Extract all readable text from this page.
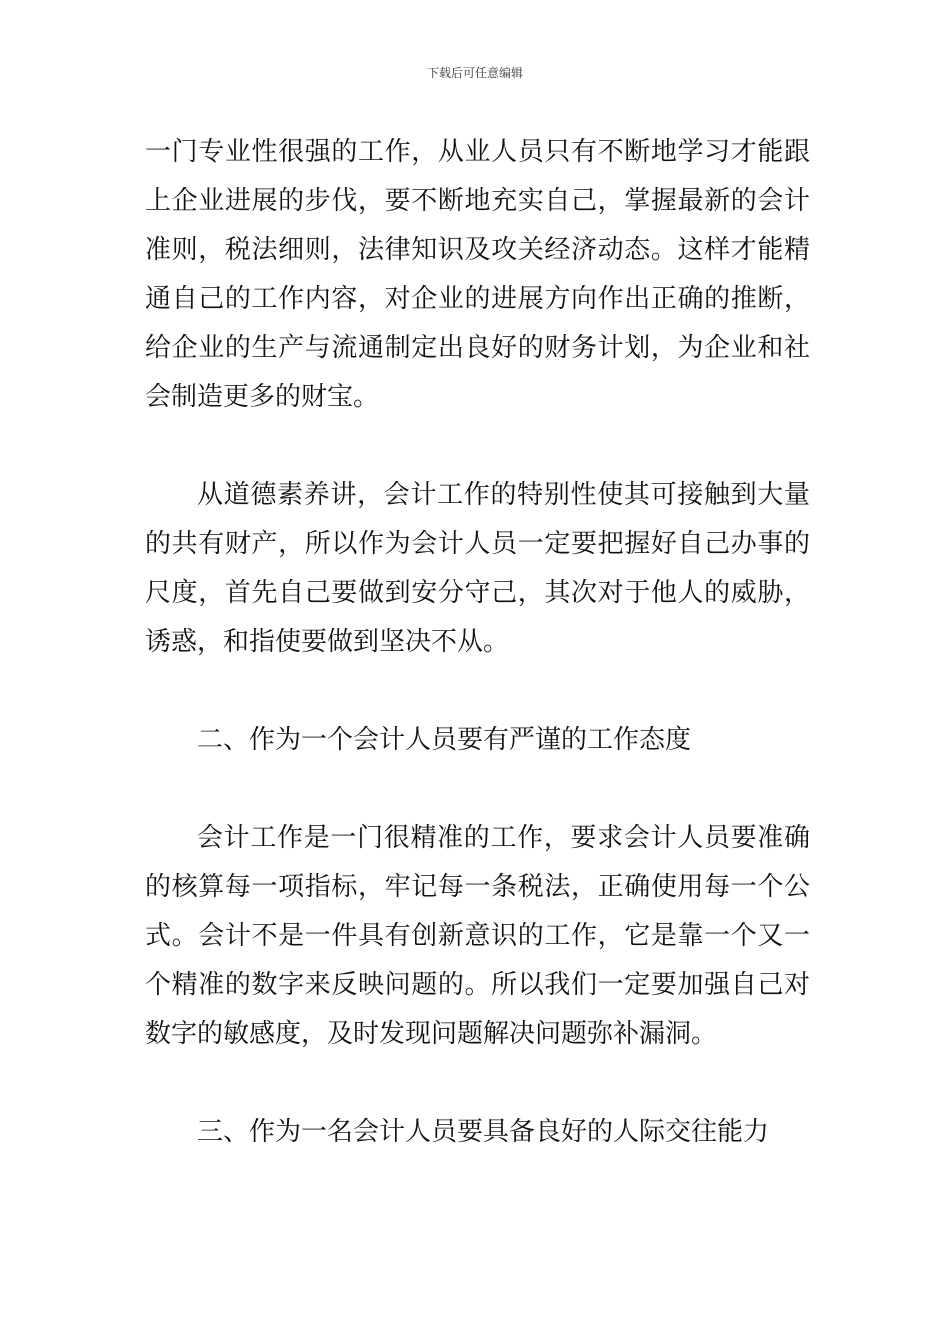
下载后可任意编辑

一门专业性很强的工作，从业人员只有不断地学习才能跟上企业进展的步伐，要不断地充实自己，掌握最新的会计准则，税法细则，法律知识及攻关经济动态。这样才能精通自己的工作内容，对企业的进展方向作出正确的推断，给企业的生产与流通制定出良好的财务计划，为企业和社会制造更多的财宝。

从道德素养讲，会计工作的特别性使其可接触到大量的共有财产，所以作为会计人员一定要把握好自己办事的尺度，首先自己要做到安分守己，其次对于他人的威胁，诱惑，和指使要做到坚决不从。

二、作为一个会计人员要有严谨的工作态度

会计工作是一门很精准的工作，要求会计人员要准确的核算每一项指标，牢记每一条税法，正确使用每一个公式。会计不是一件具有创新意识的工作，它是靠一个又一个精准的数字来反映问题的。所以我们一定要加强自己对数字的敏感度，及时发现问题解决问题弥补漏洞。

三、作为一名会计人员要具备良好的人际交往能力
